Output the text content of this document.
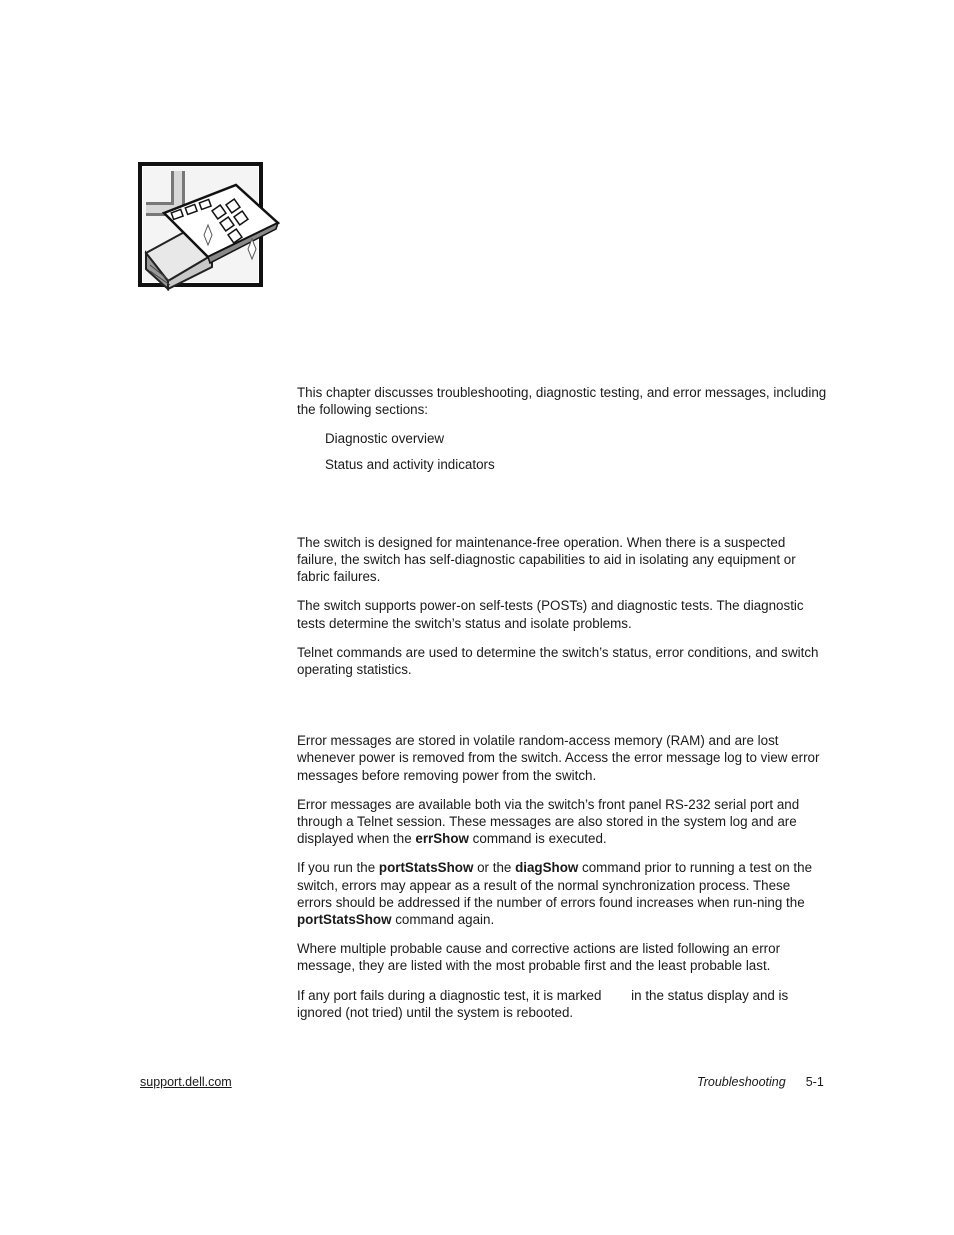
This chapter discusses troubleshooting, diagnostic testing, and error messages, including the following sections:

Diagnostic overview
Status and activity indicators

The switch is designed for maintenance-free operation. When there is a suspected failure, the switch has self-diagnostic capabilities to aid in isolating any equipment or fabric failures.

The switch supports power-on self-tests (POSTs) and diagnostic tests. The diagnostic tests determine the switch’s status and isolate problems.

Telnet commands are used to determine the switch’s status, error conditions, and switch operating statistics.

Error messages are stored in volatile random-access memory (RAM) and are lost whenever power is removed from the switch. Access the error message log to view error messages before removing power from the switch.

Error messages are available both via the switch’s front panel RS-232 serial port and through a Telnet session. These messages are also stored in the system log and are displayed when the errShow command is executed.

If you run the portStatsShow or the diagShow command prior to running a test on the switch, errors may appear as a result of the normal synchronization process. These errors should be addressed if the number of errors found increases when run-ning the portStatsShow command again.

Where multiple probable cause and corrective actions are listed following an error message, they are listed with the most probable first and the least probable last.

If any port fails during a diagnostic test, it is marked        in the status display and is ignored (not tried) until the system is rebooted.

support.dell.com	Troubleshooting 5-1
